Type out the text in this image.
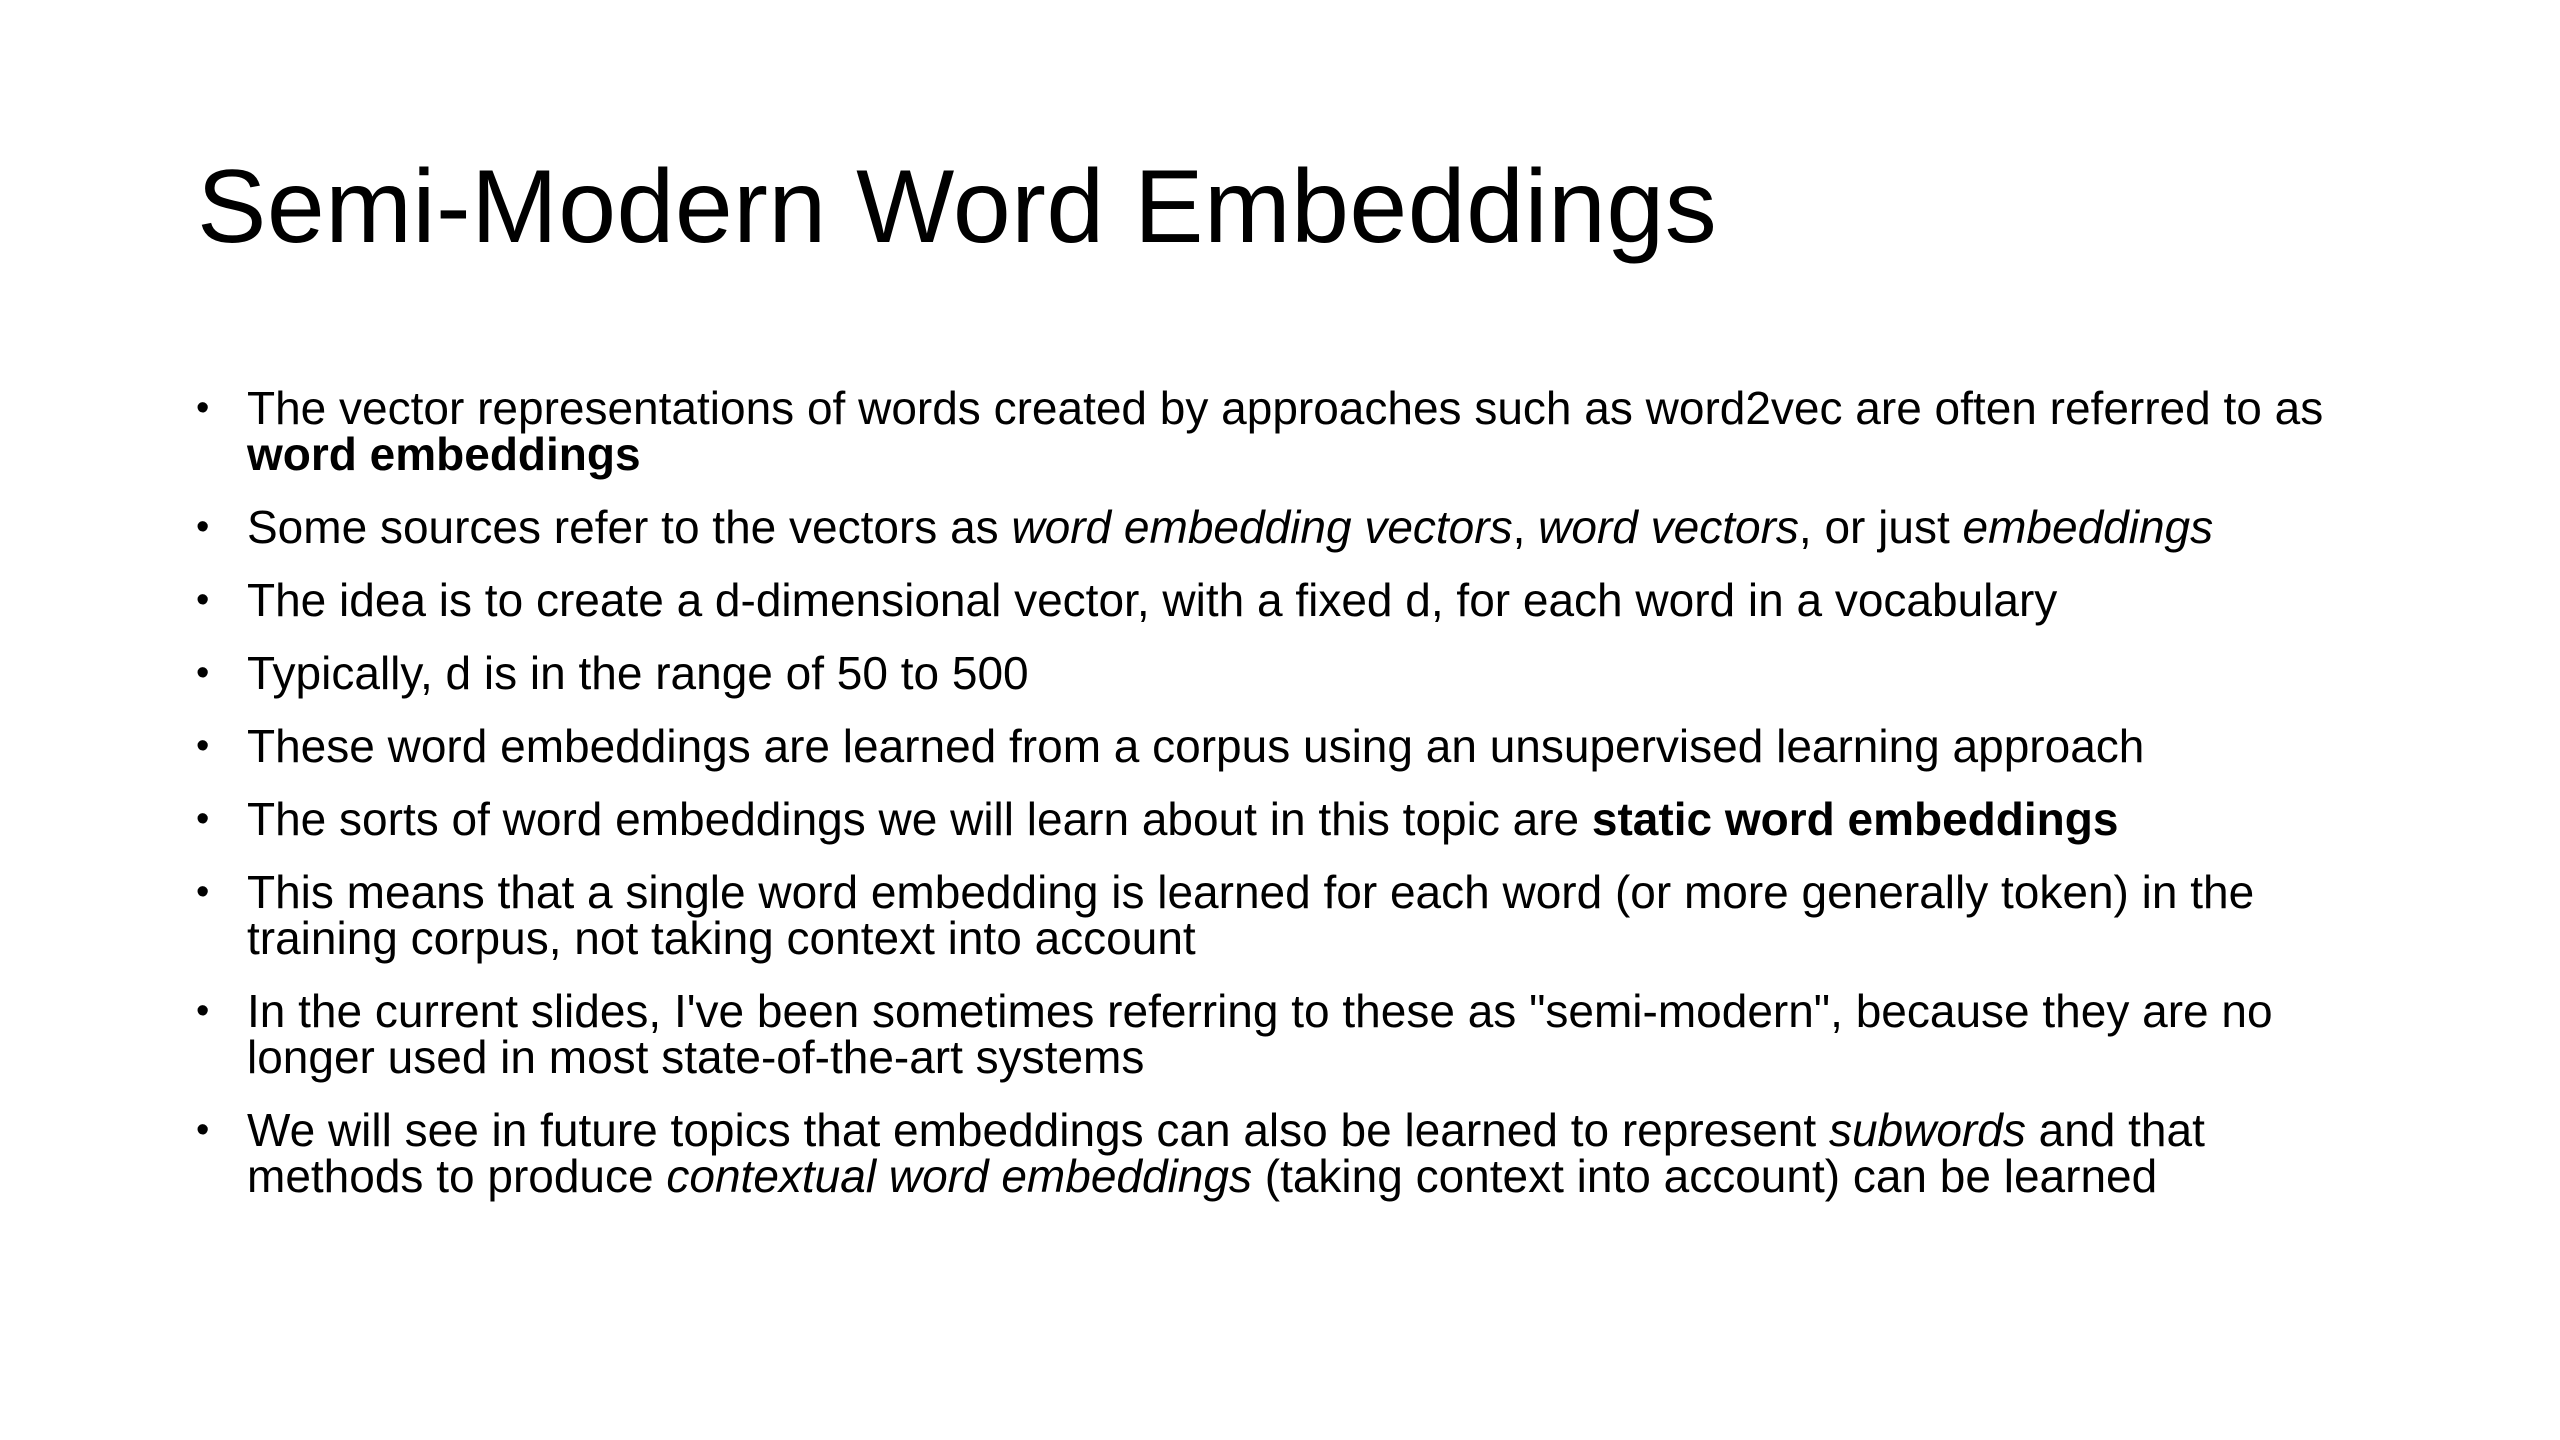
Semi-Modern Word Embeddings
• The vector representations of words created by approaches such as word2vec are often referred to as word embeddings
• Some sources refer to the vectors as word embedding vectors, word vectors, or just embeddings
• The idea is to create a d-dimensional vector, with a fixed d, for each word in a vocabulary
• Typically, d is in the range of 50 to 500
• These word embeddings are learned from a corpus using an unsupervised learning approach
• The sorts of word embeddings we will learn about in this topic are static word embeddings
• This means that a single word embedding is learned for each word (or more generally token) in the training corpus, not taking context into account
• In the current slides, I've been sometimes referring to these as "semi-modern", because they are no longer used in most state-of-the-art systems
• We will see in future topics that embeddings can also be learned to represent subwords and that methods to produce contextual word embeddings (taking context into account) can be learned
